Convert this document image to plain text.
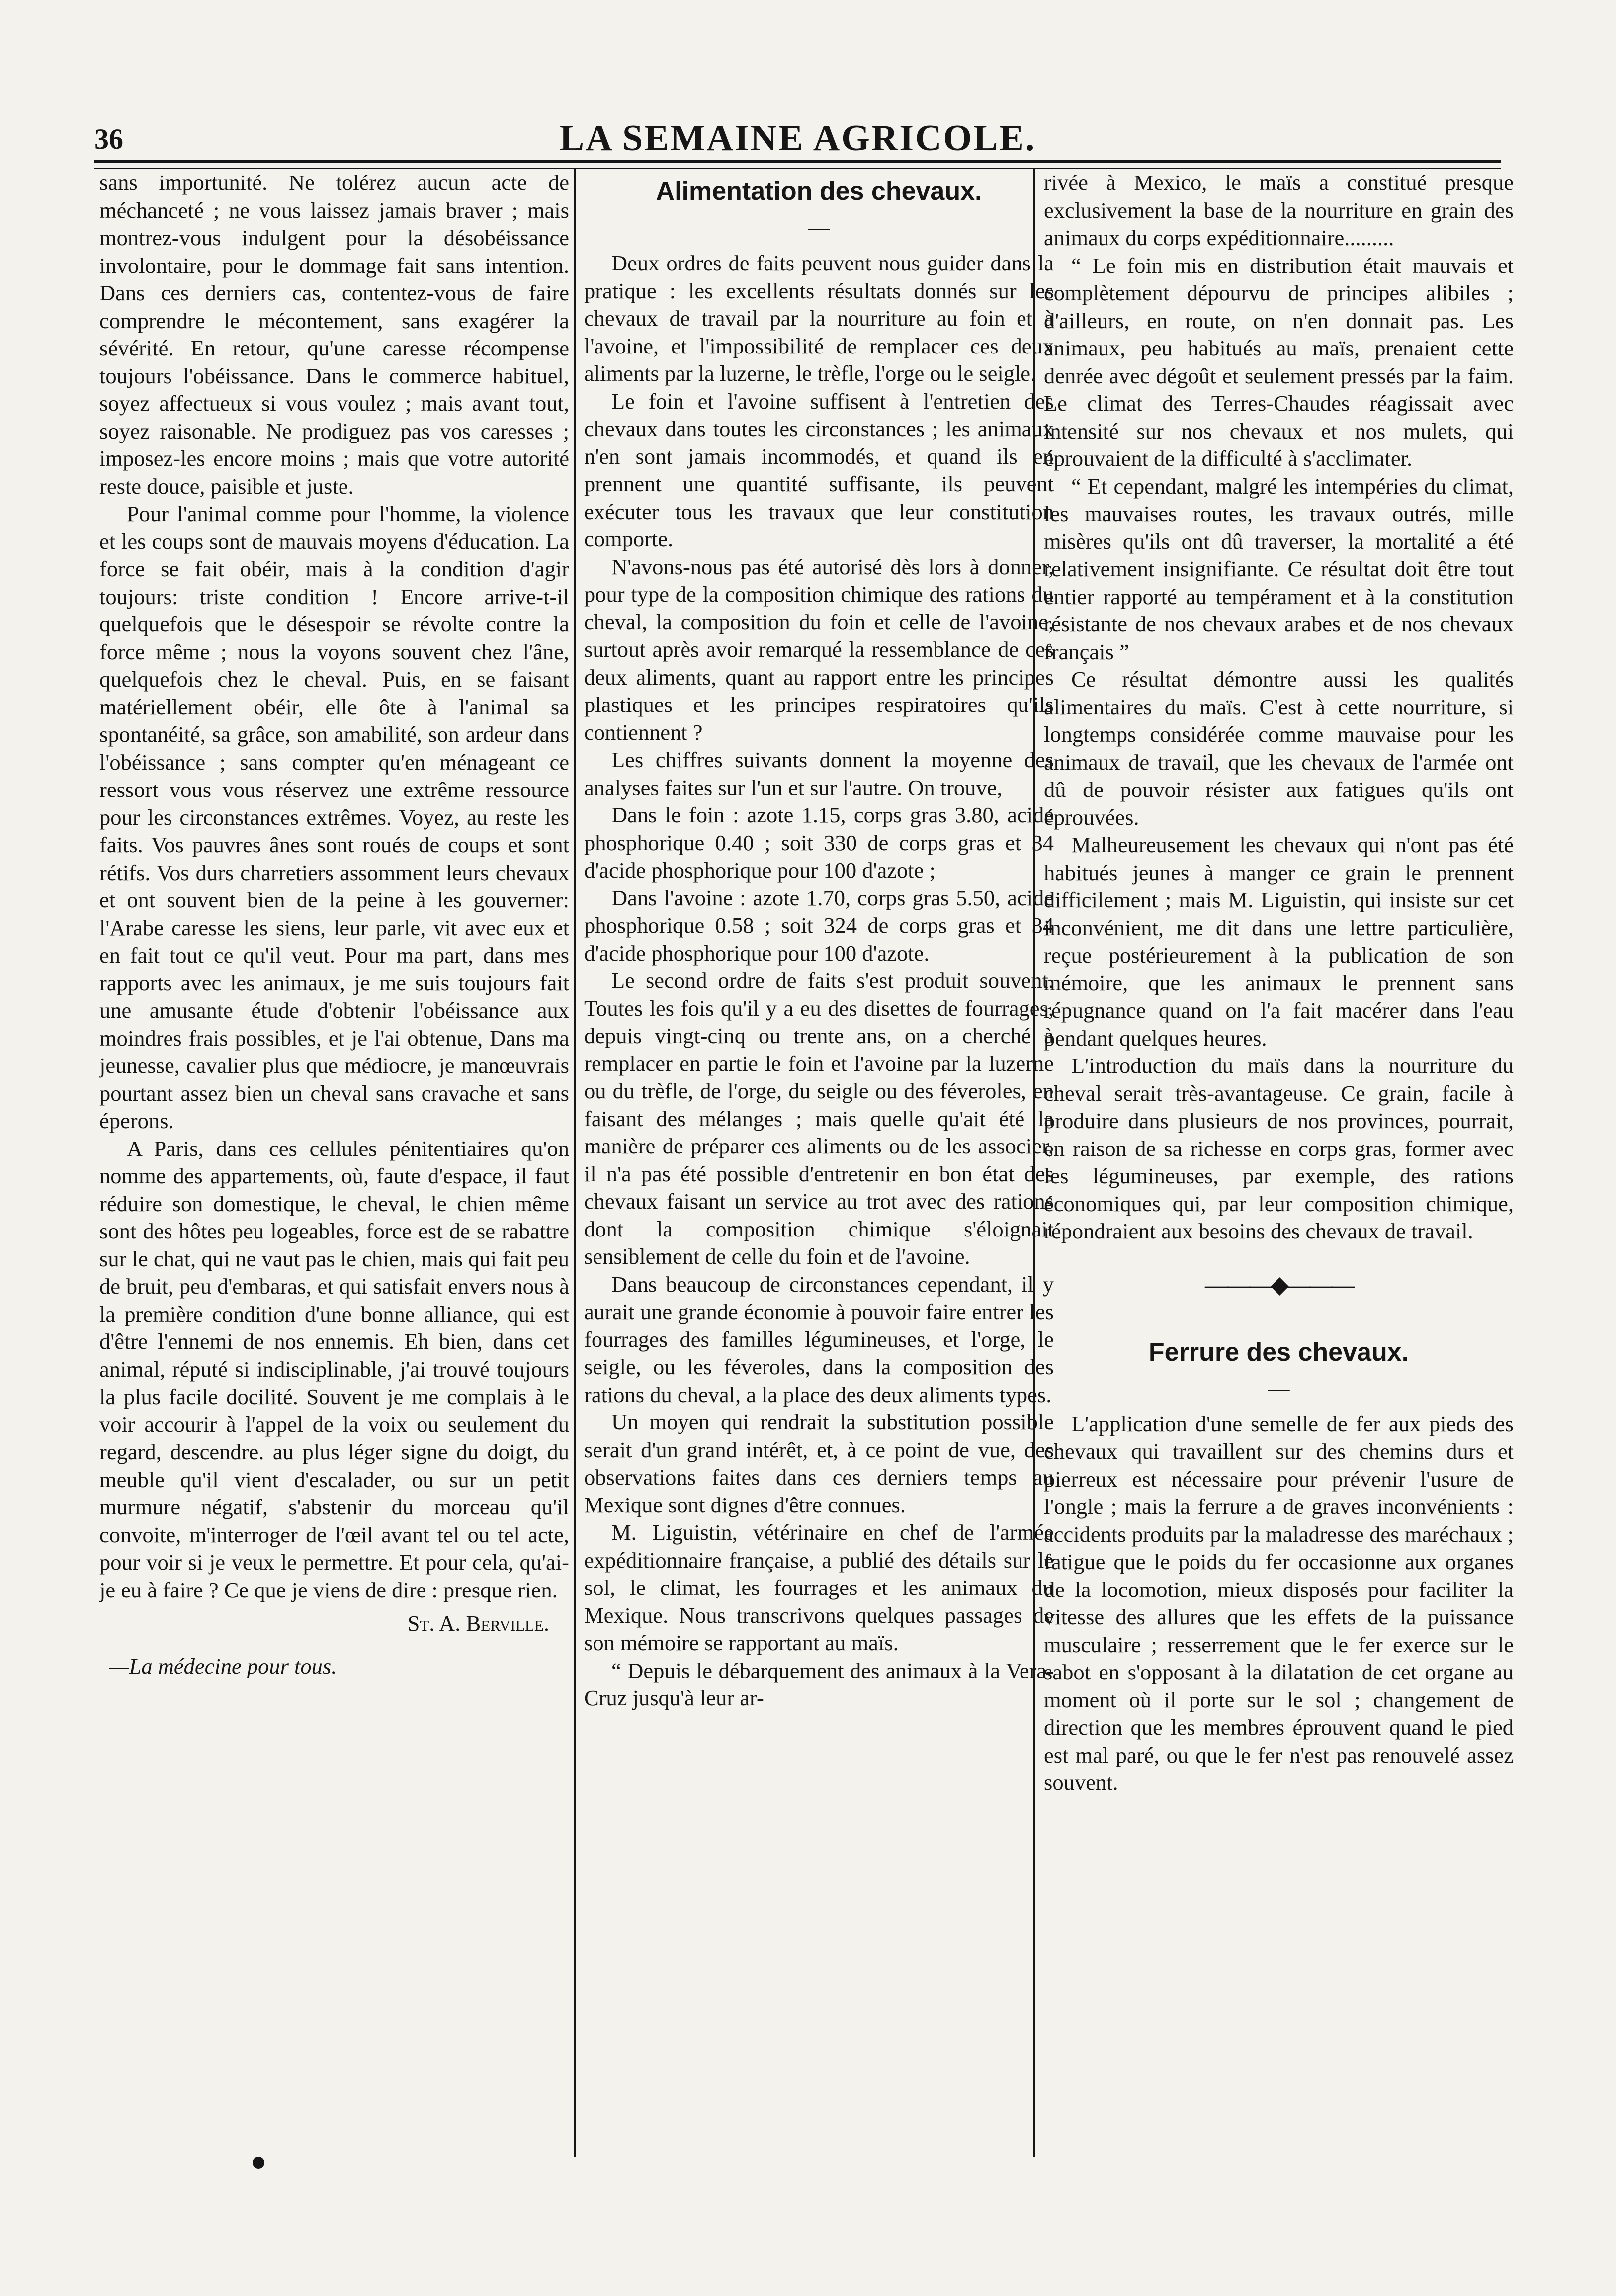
36	LA SEMAINE AGRICOLE.

sans importunité. Ne tolérez aucun acte de méchanceté ; ne vous laissez jamais braver ; mais montrez-vous indulgent pour la désobéissance involontaire, pour le dommage fait sans intention. Dans ces derniers cas, contentez-vous de faire comprendre le mécontement, sans exagérer la sévérité. En retour, qu'une caresse récompense toujours l'obéissance. Dans le commerce habituel, soyez affectueux si vous voulez ; mais avant tout, soyez raisonable. Ne prodiguez pas vos caresses ; imposez-les encore moins ; mais que votre autorité reste douce, paisible et juste.

Pour l'animal comme pour l'homme, la violence et les coups sont de mauvais moyens d'éducation. La force se fait obéir, mais à la condition d'agir toujours: triste condition ! Encore arrive-t-il quelquefois que le désespoir se révolte contre la force même ; nous la voyons souvent chez l'âne, quelquefois chez le cheval. Puis, en se faisant matériellement obéir, elle ôte à l'animal sa spontanéité, sa grâce, son amabilité, son ardeur dans l'obéissance ; sans compter qu'en ménageant ce ressort vous vous réservez une extrême ressource pour les circonstances extrêmes. Voyez, au reste les faits. Vos pauvres ânes sont roués de coups et sont rétifs. Vos durs charretiers assomment leurs chevaux et ont souvent bien de la peine à les gouverner: l'Arabe caresse les siens, leur parle, vit avec eux et en fait tout ce qu'il veut. Pour ma part, dans mes rapports avec les animaux, je me suis toujours fait une amusante étude d'obtenir l'obéissance aux moindres frais possibles, et je l'ai obtenue, Dans ma jeunesse, cavalier plus que médiocre, je manœuvrais pourtant assez bien un cheval sans cravache et sans éperons.

A Paris, dans ces cellules pénitentiaires qu'on nomme des appartements, où, faute d'espace, il faut réduire son domestique, le cheval, le chien même sont des hôtes peu logeables, force est de se rabattre sur le chat, qui ne vaut pas le chien, mais qui fait peu de bruit, peu d'embaras, et qui satisfait envers nous à la première condition d'une bonne alliance, qui est d'être l'ennemi de nos ennemis. Eh bien, dans cet animal, réputé si indisciplinable, j'ai trouvé toujours la plus facile docilité. Souvent je me complais à le voir accourir à l'appel de la voix ou seulement du regard, descendre. au plus léger signe du doigt, du meuble qu'il vient d'escalader, ou sur un petit murmure négatif, s'abstenir du morceau qu'il convoite, m'interroger de l'œil avant tel ou tel acte, pour voir si je veux le permettre. Et pour cela, qu'ai-je eu à faire ? Ce que je viens de dire : presque rien.

St. A. Berville.
—La médecine pour tous.
Alimentation des chevaux.
—

Deux ordres de faits peuvent nous guider dans la pratique : les excellents résultats donnés sur les chevaux de travail par la nourriture au foin et à l'avoine, et l'impossibilité de remplacer ces deux aliments par la luzerne, le trèfle, l'orge ou le seigle.

Le foin et l'avoine suffisent à l'entretien des chevaux dans toutes les circonstances ; les animaux n'en sont jamais incommodés, et quand ils en prennent une quantité suffisante, ils peuvent exécuter tous les travaux que leur constitution comporte.

N'avons-nous pas été autorisé dès lors à donner, pour type de la composition chimique des rations du cheval, la composition du foin et celle de l'avoine, surtout après avoir remarqué la ressemblance de ces deux aliments, quant au rapport entre les principes plastiques et les principes respiratoires qu'ils contiennent ?

Les chiffres suivants donnent la moyenne des analyses faites sur l'un et sur l'autre. On trouve,

Dans le foin : azote 1.15, corps gras 3.80, acide phosphorique 0.40 ; soit 330 de corps gras et 34 d'acide phosphorique pour 100 d'azote ;

Dans l'avoine : azote 1.70, corps gras 5.50, acide phosphorique 0.58 ; soit 324 de corps gras et 34 d'acide phosphorique pour 100 d'azote.

Le second ordre de faits s'est produit souvent. Toutes les fois qu'il y a eu des disettes de fourrages, depuis vingt-cinq ou trente ans, on a cherché à remplacer en partie le foin et l'avoine par la luzerne ou du trèfle, de l'orge, du seigle ou des féveroles, en faisant des mélanges ; mais quelle qu'ait été la manière de préparer ces aliments ou de les associer, il n'a pas été possible d'entretenir en bon état des chevaux faisant un service au trot avec des rations dont la composition chimique s'éloignait sensiblement de celle du foin et de l'avoine.

Dans beaucoup de circonstances cependant, il y aurait une grande économie à pouvoir faire entrer les fourrages des familles légumineuses, et l'orge, le seigle, ou les féveroles, dans la composition des rations du cheval, a la place des deux aliments types.

Un moyen qui rendrait la substitution possible serait d'un grand intérêt, et, à ce point de vue, des observations faites dans ces derniers temps au Mexique sont dignes d'être connues.

M. Liguistin, vétérinaire en chef de l'armée expéditionnaire française, a publié des détails sur le sol, le climat, les fourrages et les animaux du Mexique. Nous transcrivons quelques passages de son mémoire se rapportant au maïs.

“ Depuis le débarquement des animaux à la Vera-Cruz jusqu'à leur ar-

rivée à Mexico, le maïs a constitué presque exclusivement la base de la nourriture en grain des animaux du corps expéditionnaire.........

“ Le foin mis en distribution était mauvais et complètement dépourvu de principes alibiles ; d'ailleurs, en route, on n'en donnait pas. Les animaux, peu habitués au maïs, prenaient cette denrée avec dégoût et seulement pressés par la faim. Le climat des Terres-Chaudes réagissait avec intensité sur nos chevaux et nos mulets, qui éprouvaient de la difficulté à s'acclimater.

“ Et cependant, malgré les intempéries du climat, les mauvaises routes, les travaux outrés, mille misères qu'ils ont dû traverser, la mortalité a été relativement insignifiante. Ce résultat doit être tout entier rapporté au tempérament et à la constitution résistante de nos chevaux arabes et de nos chevaux français ”

Ce résultat démontre aussi les qualités alimentaires du maïs. C'est à cette nourriture, si longtemps considérée comme mauvaise pour les animaux de travail, que les chevaux de l'armée ont dû de pouvoir résister aux fatigues qu'ils ont éprouvées.

Malheureusement les chevaux qui n'ont pas été habitués jeunes à manger ce grain le prennent difficilement ; mais M. Liguistin, qui insiste sur cet inconvénient, me dit dans une lettre particulière, reçue postérieurement à la publication de son mémoire, que les animaux le prennent sans répugnance quand on l'a fait macérer dans l'eau pendant quelques heures.

L'introduction du maïs dans la nourriture du cheval serait très-avantageuse. Ce grain, facile à produire dans plusieurs de nos provinces, pourrait, en raison de sa richesse en corps gras, former avec les légumineuses, par exemple, des rations économiques qui, par leur composition chimique, répondraient aux besoins des chevaux de travail.

———◆———
Ferrure des chevaux.
—

L'application d'une semelle de fer aux pieds des chevaux qui travaillent sur des chemins durs et pierreux est nécessaire pour prévenir l'usure de l'ongle ; mais la ferrure a de graves inconvénients : accidents produits par la maladresse des maréchaux ; fatigue que le poids du fer occasionne aux organes de la locomotion, mieux disposés pour faciliter la vitesse des allures que les effets de la puissance musculaire ; resserrement que le fer exerce sur le sabot en s'opposant à la dilatation de cet organe au moment où il porte sur le sol ; changement de direction que les membres éprouvent quand le pied est mal paré, ou que le fer n'est pas renouvelé assez souvent.
